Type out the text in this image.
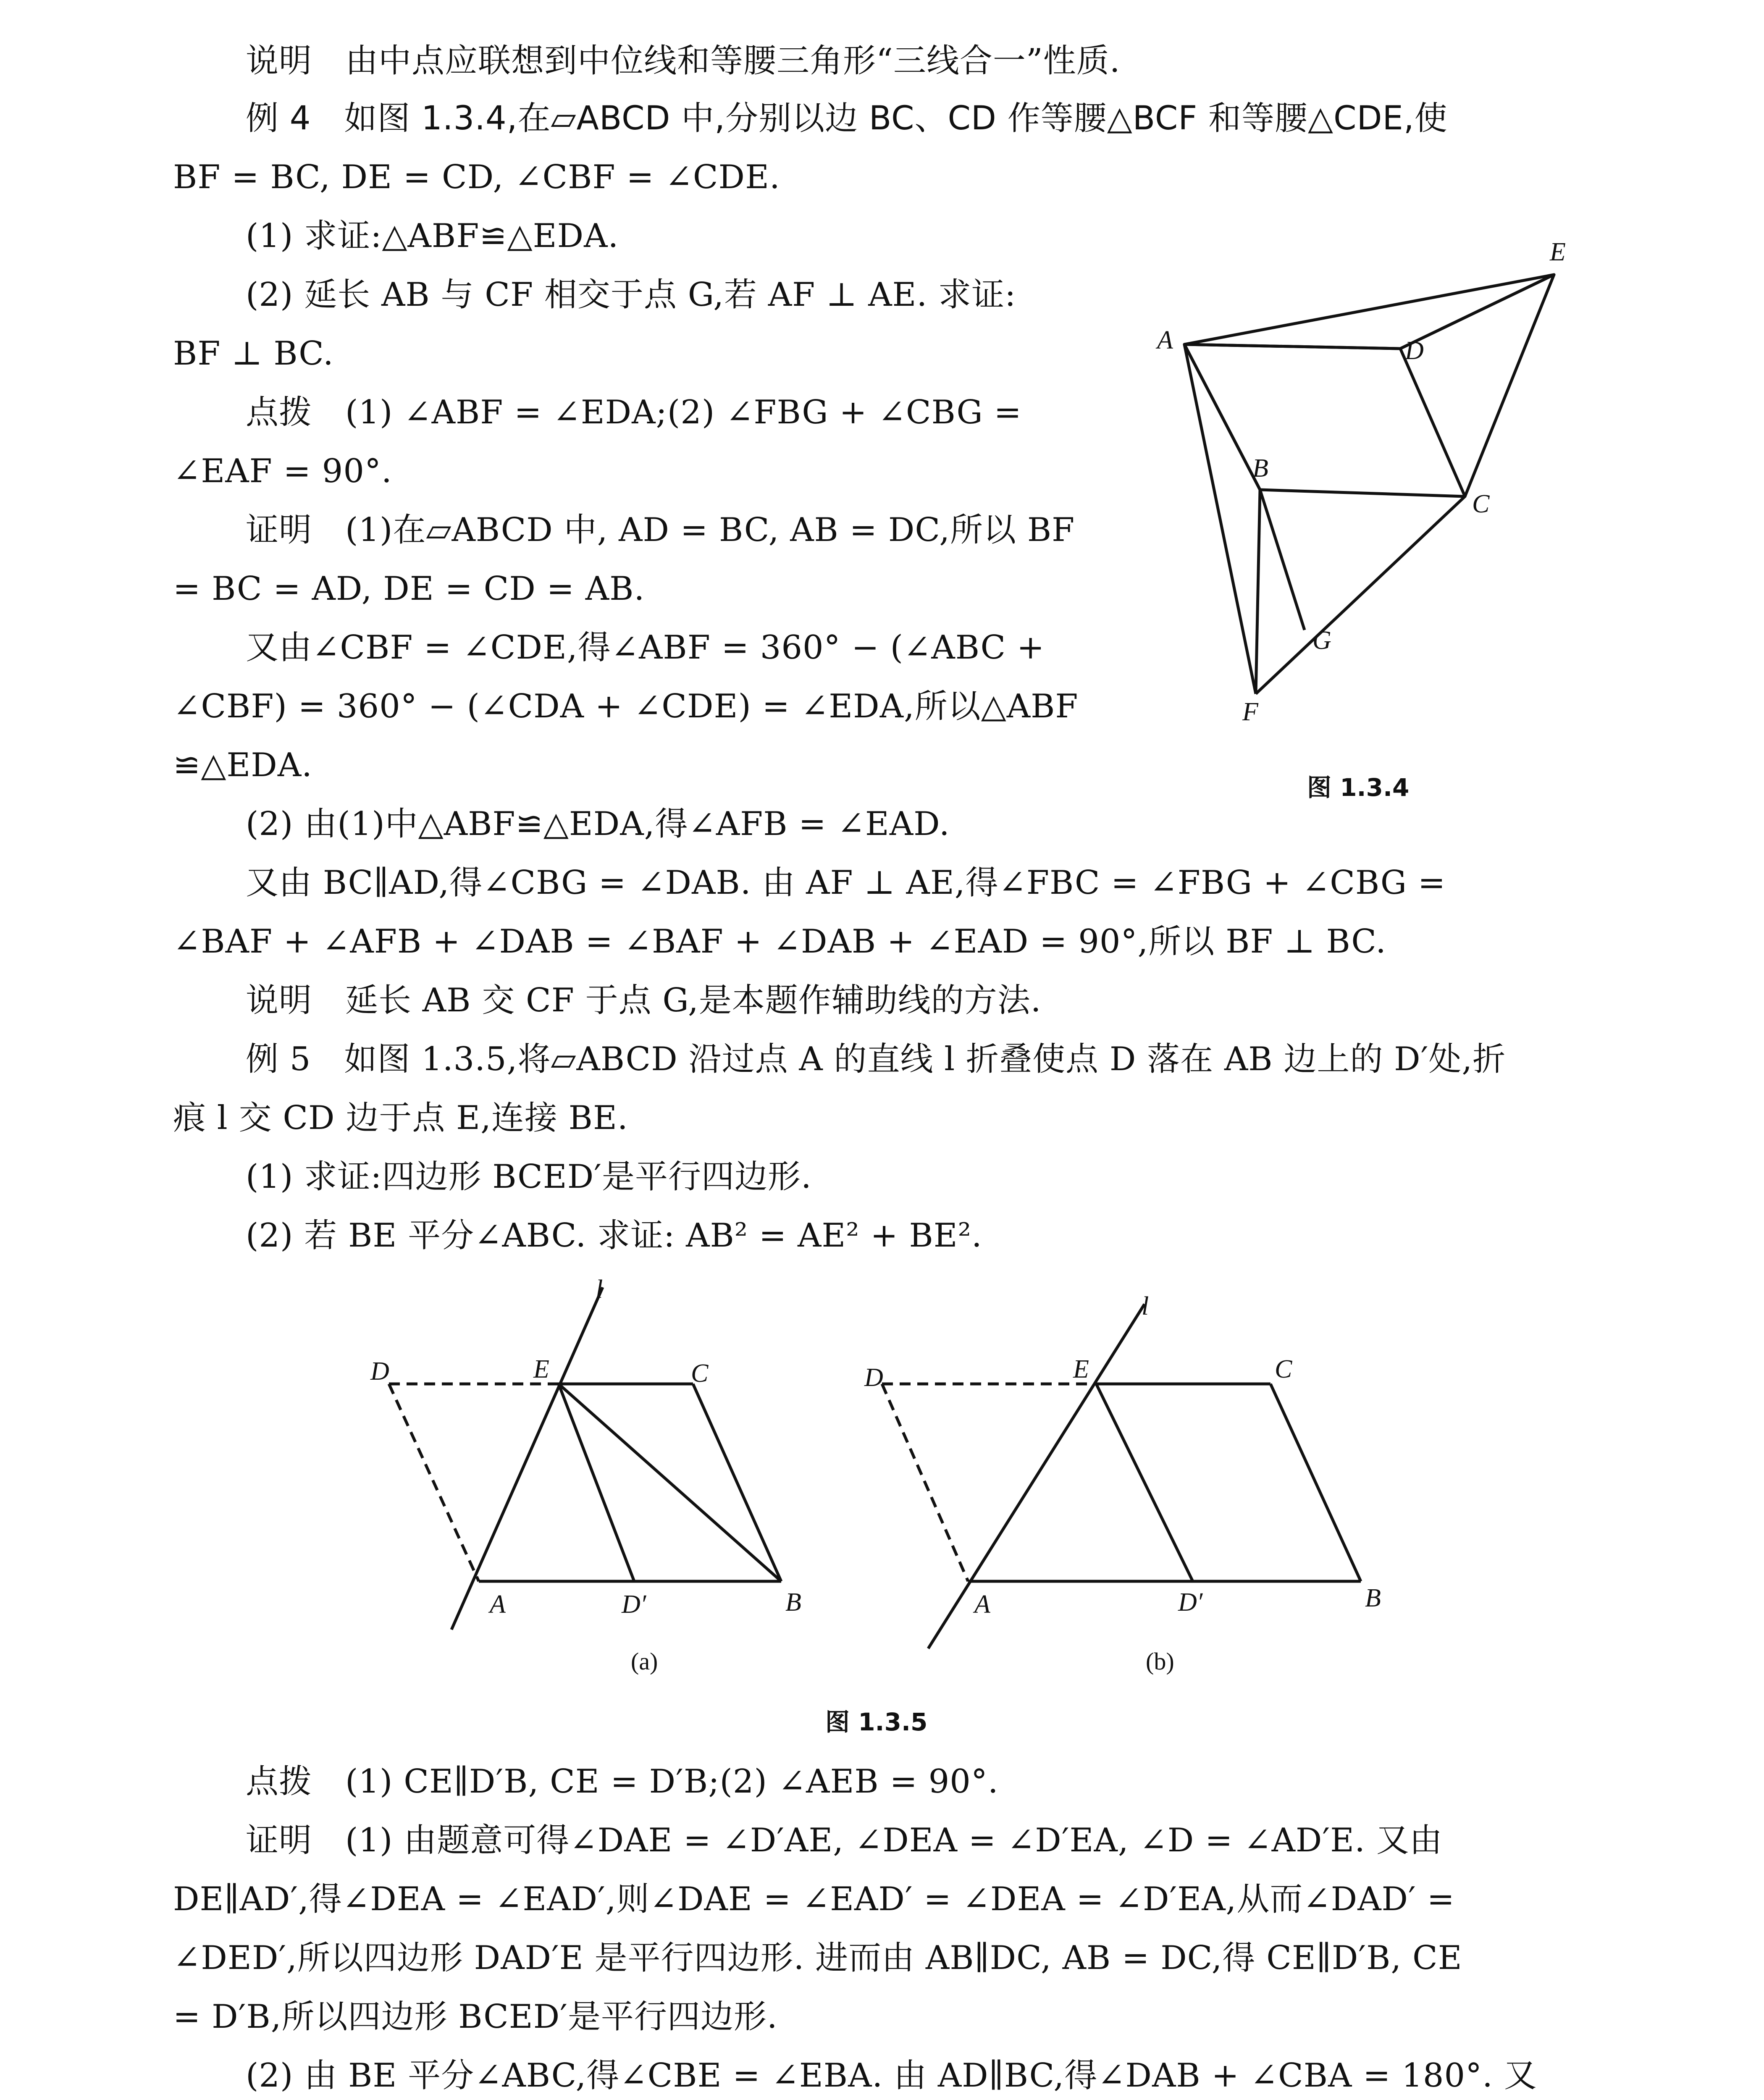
说明　由中点应联想到中位线和等腰三角形“三线合一”性质.
例 4　如图 1.3.4,在▱ABCD 中,分别以边 BC、CD 作等腰△BCF 和等腰△CDE,使
BF = BC, DE = CD, ∠CBF = ∠CDE.
(1) 求证:△ABF≌△EDA.
(2) 延长 AB 与 CF 相交于点 G,若 AF ⊥ AE. 求证:
BF ⊥ BC.
点拨　(1) ∠ABF = ∠EDA;(2) ∠FBG + ∠CBG =
∠EAF = 90°.
证明　(1)在▱ABCD 中, AD = BC, AB = DC,所以 BF
= BC = AD, DE = CD = AB.
又由∠CBF = ∠CDE,得∠ABF = 360° − (∠ABC +
∠CBF) = 360° − (∠CDA + ∠CDE) = ∠EDA,所以△ABF
≌△EDA.
(2) 由(1)中△ABF≌△EDA,得∠AFB = ∠EAD.
又由 BC∥AD,得∠CBG = ∠DAB. 由 AF ⊥ AE,得∠FBC = ∠FBG + ∠CBG =
∠BAF + ∠AFB + ∠DAB = ∠BAF + ∠DAB + ∠EAD = 90°,所以 BF ⊥ BC.
说明　延长 AB 交 CF 于点 G,是本题作辅助线的方法.
例 5　如图 1.3.5,将▱ABCD 沿过点 A 的直线 l 折叠使点 D 落在 AB 边上的 D′处,折
痕 l 交 CD 边于点 E,连接 BE.
(1) 求证:四边形 BCED′是平行四边形.
(2) 若 BE 平分∠ABC. 求证: AB² = AE² + BE².
点拨　(1) CE∥D′B, CE = D′B;(2) ∠AEB = 90°.
证明　(1) 由题意可得∠DAE = ∠D′AE, ∠DEA = ∠D′EA, ∠D = ∠AD′E. 又由
DE∥AD′,得∠DEA = ∠EAD′,则∠DAE = ∠EAD′ = ∠DEA = ∠D′EA,从而∠DAD′ =
∠DED′,所以四边形 DAD′E 是平行四边形. 进而由 AB∥DC, AB = DC,得 CE∥D′B, CE
= D′B,所以四边形 BCED′是平行四边形.
(2) 由 BE 平分∠ABC,得∠CBE = ∠EBA. 由 AD∥BC,得∠DAB + ∠CBA = 180°. 又
E
A	D
B
C
G
F
图 1.3.4
l
D	E	C
A	D′	B
(a)
l
D	E	C
A	D′	B
(b)
图 1.3.5
